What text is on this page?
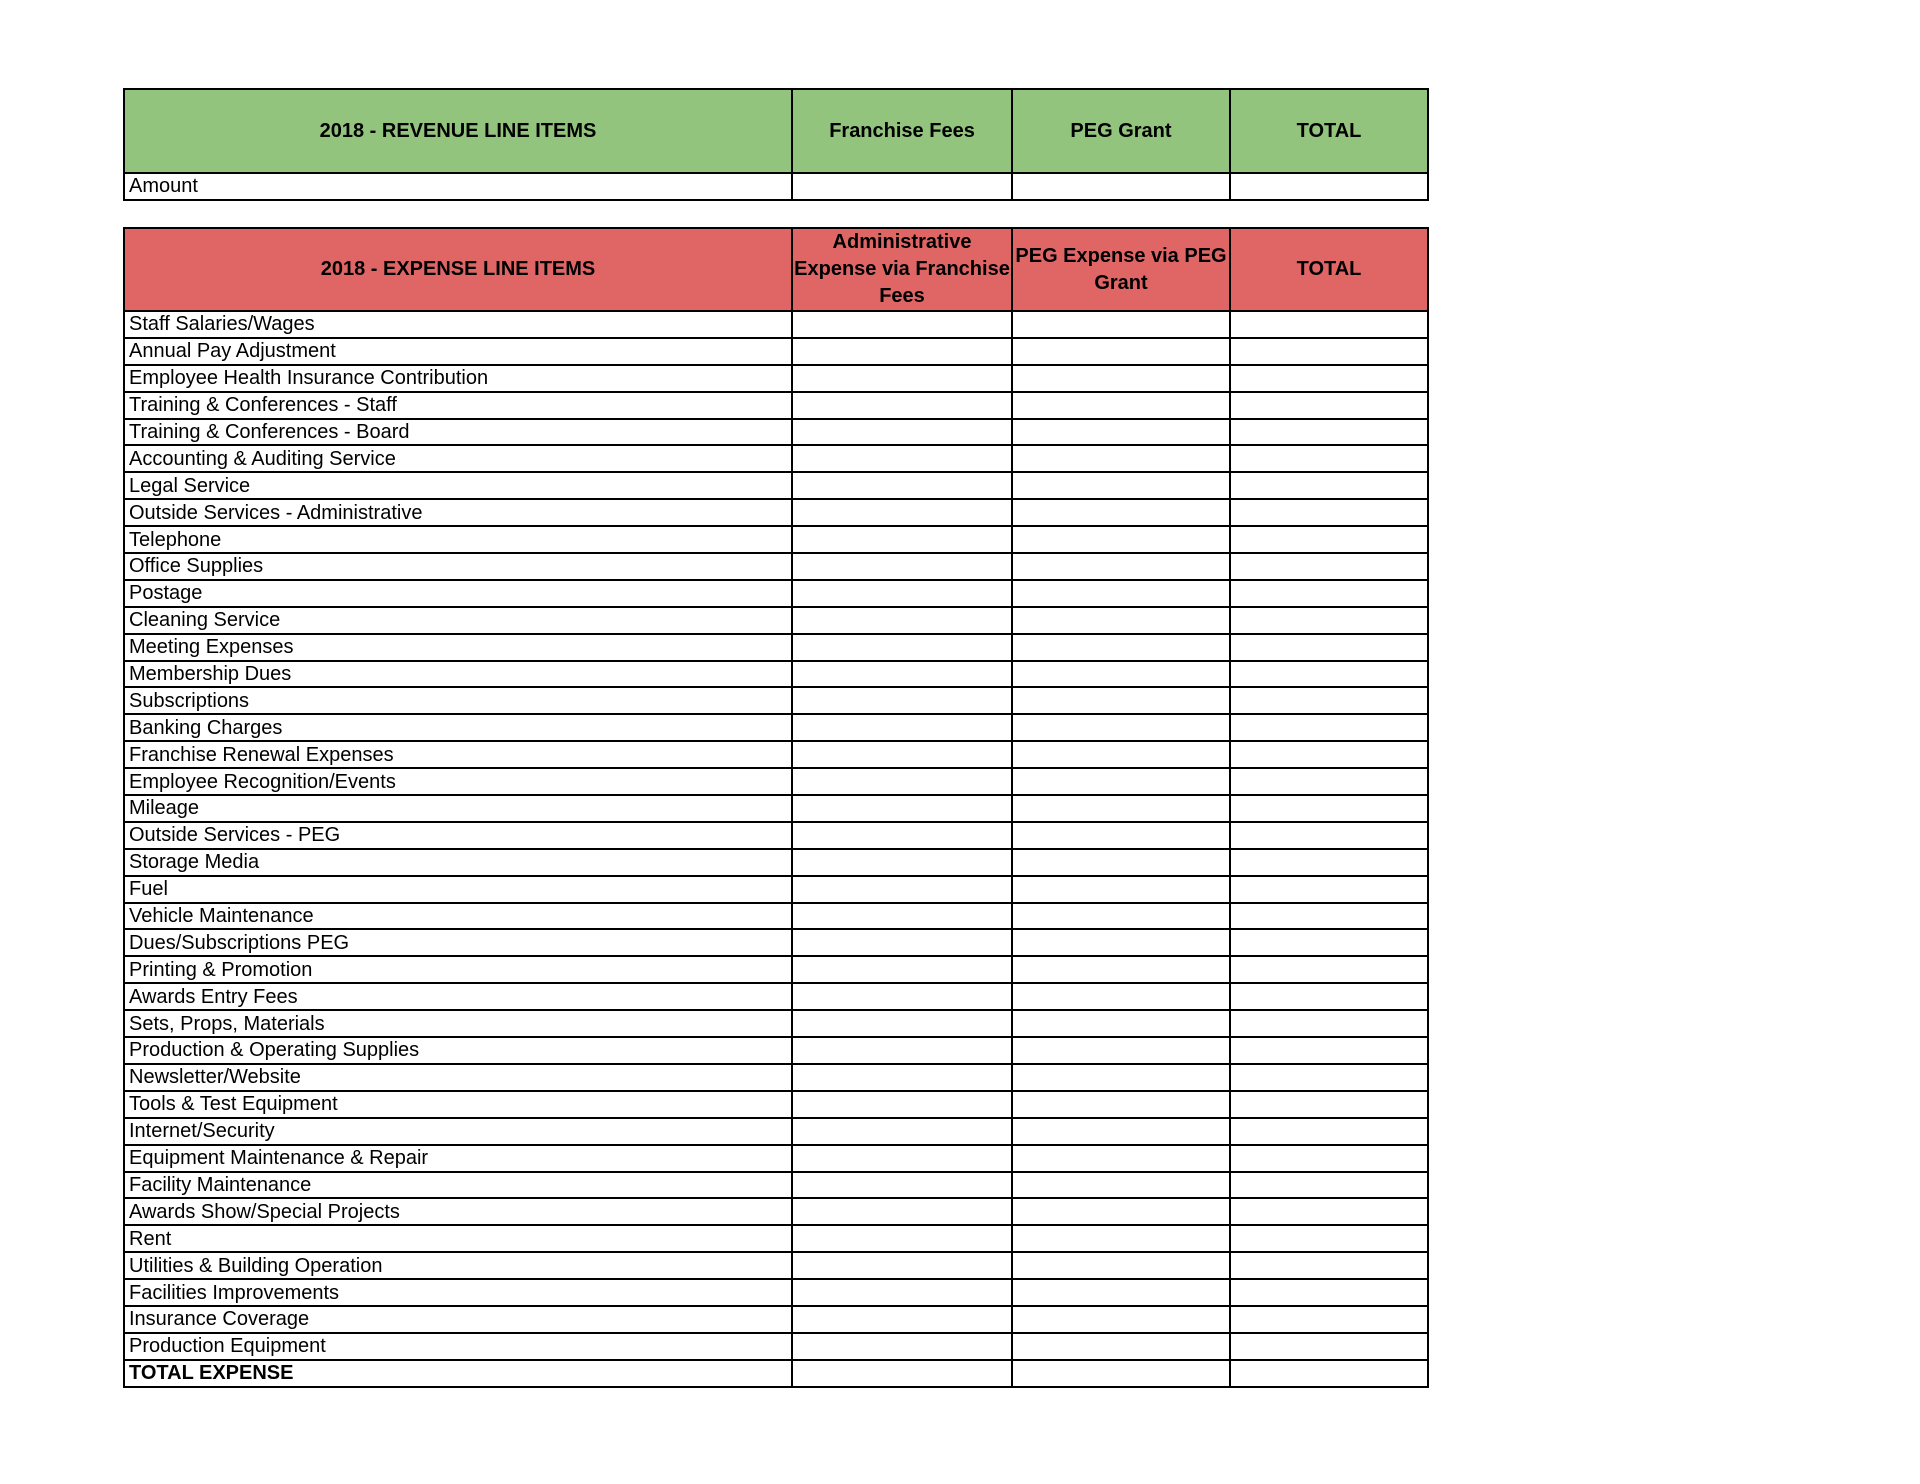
2018 - REVENUE LINE ITEMS	Franchise Fees	PEG Grant	TOTAL
Amount			
2018 - EXPENSE LINE ITEMS	Administrative Expense via Franchise Fees	PEG Expense via PEG Grant	TOTAL
Staff Salaries/Wages			
Annual Pay Adjustment			
Employee Health Insurance Contribution			
Training & Conferences - Staff			
Training & Conferences - Board			
Accounting & Auditing Service			
Legal Service			
Outside Services - Administrative			
Telephone			
Office Supplies			
Postage			
Cleaning Service			
Meeting Expenses			
Membership Dues			
Subscriptions			
Banking Charges			
Franchise Renewal Expenses			
Employee Recognition/Events			
Mileage			
Outside Services - PEG			
Storage Media			
Fuel			
Vehicle Maintenance			
Dues/Subscriptions PEG			
Printing & Promotion			
Awards Entry Fees			
Sets, Props, Materials			
Production & Operating Supplies			
Newsletter/Website			
Tools & Test Equipment			
Internet/Security			
Equipment Maintenance & Repair			
Facility Maintenance			
Awards Show/Special Projects			
Rent			
Utilities & Building Operation			
Facilities Improvements			
Insurance Coverage			
Production Equipment			
TOTAL EXPENSE			
